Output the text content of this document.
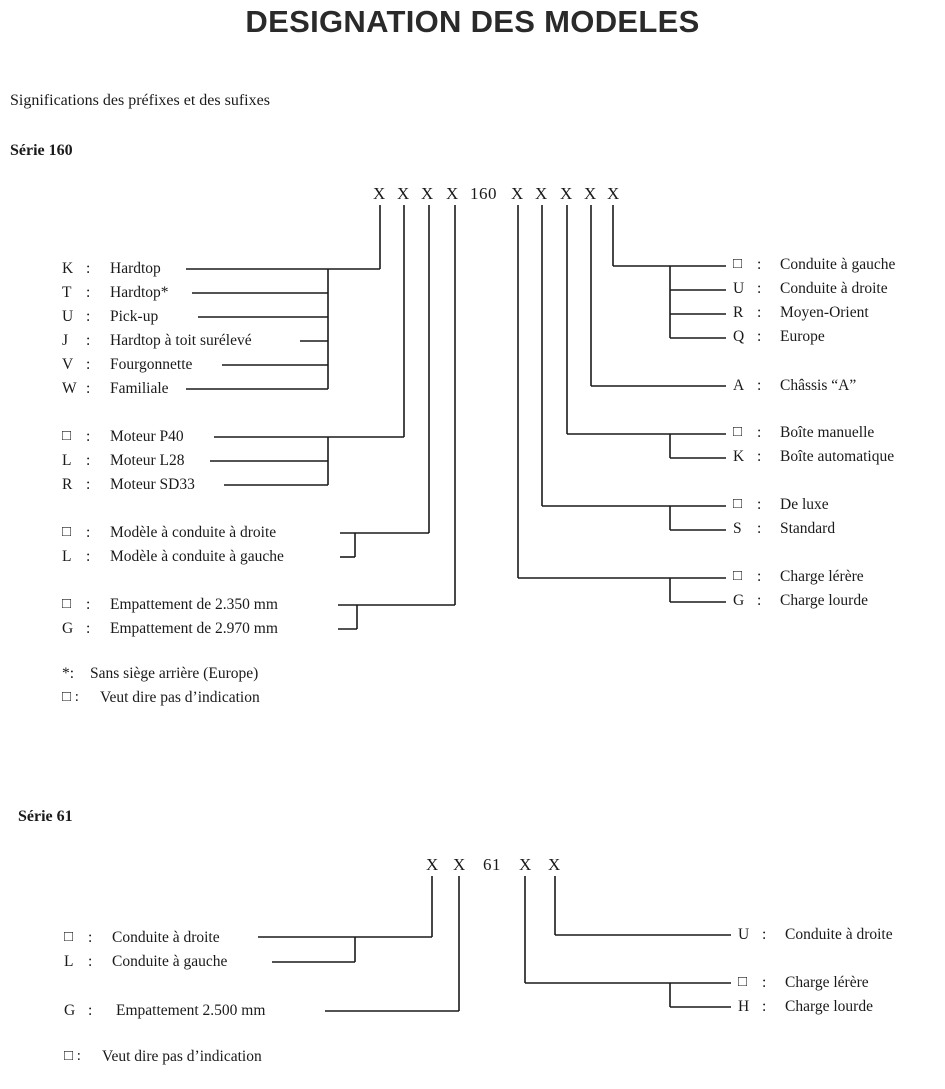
DESIGNATION DES MODELES
Significations des préfixes et des sufixes
Série 160
X X X X 160 X X X X X
K : Hardtop
T : Hardtop*
U : Pick-up
J : Hardtop à toit surélevé
V : Fourgonnette
W : Familiale
□ : Moteur P40
L : Moteur L28
R : Moteur SD33
□ : Modèle à conduite à droite
L : Modèle à conduite à gauche
□ : Empattement de 2.350 mm
G : Empattement de 2.970 mm
*: Sans siège arrière (Europe)
□ : Veut dire pas d’indication
□ : Conduite à gauche
U : Conduite à droite
R : Moyen-Orient
Q : Europe
A : Châssis “A”
□ : Boîte manuelle
K : Boîte automatique
□ : De luxe
S : Standard
□ : Charge lérère
G : Charge lourde
Série 61
X X 61 X X
□ : Conduite à droite
L : Conduite à gauche
G : Empattement 2.500 mm
U : Conduite à droite
□ : Charge lérère
H : Charge lourde
□ : Veut dire pas d’indication
